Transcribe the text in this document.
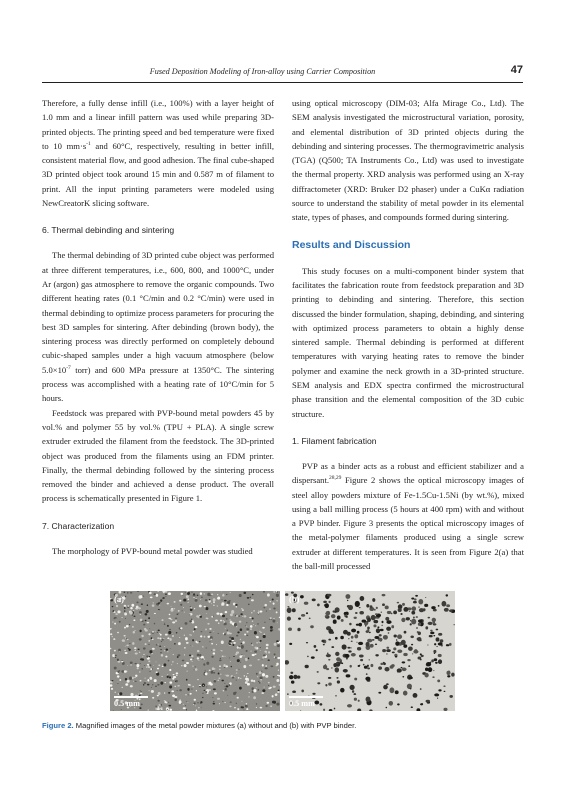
Fused Deposition Modeling of Iron-alloy using Carrier Composition	47

Therefore, a fully dense infill (i.e., 100%) with a layer height of 1.0 mm and a linear infill pattern was used while preparing 3D-printed objects. The printing speed and bed temperature were fixed to 10 $mm\cdot s^{-1}$ and 60°C, respectively, resulting in better infill, consistent material flow, and good adhesion. The final cube-shaped 3D printed object took around 15 min and 0.587 m of filament to print. All the input printing parameters were modeled using NewCreatorK slicing software.

6. Thermal debinding and sintering

The thermal debinding of 3D printed cube object was performed at three different temperatures, i.e., 600, 800, and 1000°C, under Ar (argon) gas atmosphere to remove the organic compounds. Two different heating rates (0.1 °C/min and 0.2 °C/min) were used in thermal debinding to optimize process parameters for procuring the best 3D samples for sintering. After debinding (brown body), the sintering process was directly performed on completely debound cubic-shaped samples under a high vacuum atmosphere (below $5.0\times 10^{-7}$ torr) and 600 MPa pressure at 1350°C. The sintering process was accomplished with a heating rate of 10°C/min for 5 hours.

Feedstock was prepared with PVP-bound metal powders 45 by vol.% and polymer 55 by vol.% (TPU + PLA). A single screw extruder extruded the filament from the feedstock. The 3D-printed object was produced from the filaments using an FDM printer. Finally, the thermal debinding followed by the sintering process removed the binder and achieved a dense product. The overall process is schematically presented in Figure 1.

7. Characterization

The morphology of PVP-bound metal powder was studied

using optical microscopy (DIM-03; Alfa Mirage Co., Ltd). The SEM analysis investigated the microstructural variation, porosity, and elemental distribution of 3D printed objects during the debinding and sintering processes. The thermogravimetric analysis (TGA) (Q500; TA Instruments Co., Ltd) was used to investigate the thermal property. XRD analysis was performed using an X-ray diffractometer (XRD: Bruker D2 phaser) under a CuKα radiation source to understand the stability of metal powder in its elemental state, types of phases, and compounds formed during sintering.

Results and Discussion

This study focuses on a multi-component binder system that facilitates the fabrication route from feedstock preparation and 3D printing to debinding and sintering. Therefore, this section discussed the binder formulation, shaping, debinding, and sintering with optimized process parameters to obtain a highly dense sintered sample. Thermal debinding is performed at different temperatures with varying heating rates to remove the binder polymer and examine the neck growth in a 3D-printed structure. SEM analysis and EDX spectra confirmed the microstructural phase transition and the elemental composition of the 3D cubic structure.

1. Filament fabrication

PVP as a binder acts as a robust and efficient stabilizer and a dispersant.$^{28,29}$ Figure 2 shows the optical microscopy images of steel alloy powders mixture of Fe-1.5Cu-1.5Ni (by wt.%), mixed using a ball milling process (5 hours at 400 rpm) with and without a PVP binder. Figure 3 presents the optical microscopy images of the metal-polymer filaments produced using a single screw extruder at different temperatures. It is seen from Figure 2(a) that the ball-mill processed

(a)
0.5 mm
(b)
0.5 mm
Figure 2. Magnified images of the metal powder mixtures (a) without and (b) with PVP binder.
